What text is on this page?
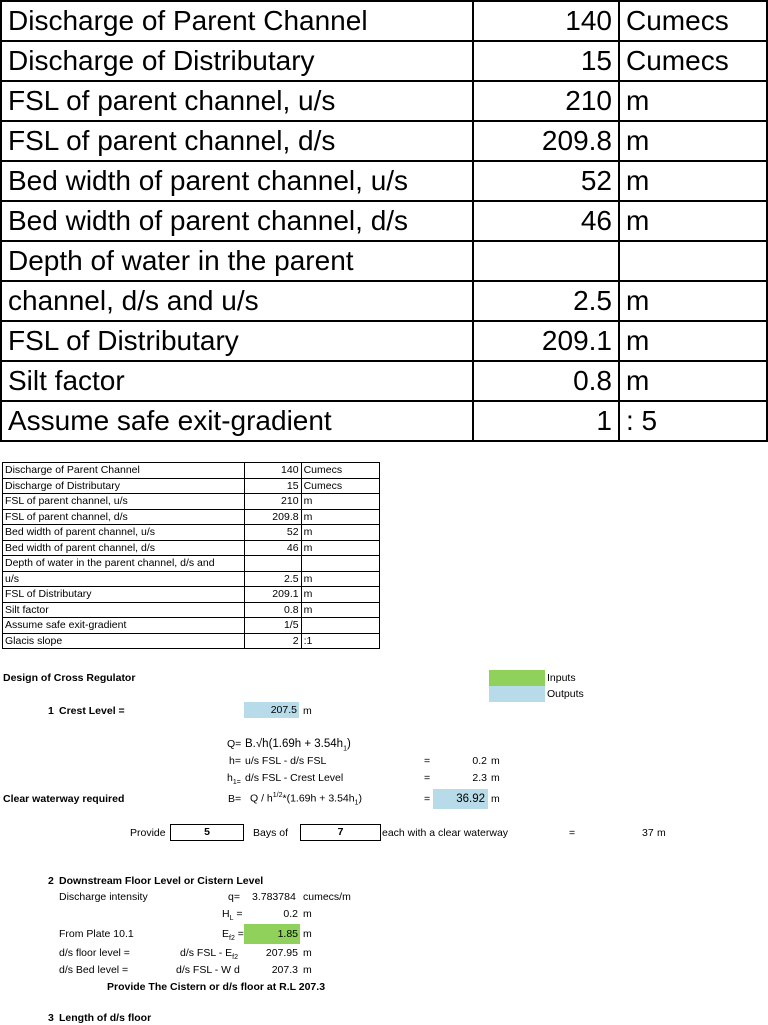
Discharge of Parent Channel	140	Cumecs
Discharge of Distributary	15	Cumecs
FSL of parent channel, u/s	210	m
FSL of parent channel, d/s	209.8	m
Bed width of parent channel, u/s	52	m
Bed width of parent channel, d/s	46	m
Depth of water in the parent		
channel, d/s and u/s	2.5	m
FSL of Distributary	209.1	m
Silt factor	0.8	m
Assume safe exit-gradient	1	: 5
Discharge of Parent Channel	140	Cumecs
Discharge of Distributary	15	Cumecs
FSL of parent channel, u/s	210	m
FSL of parent channel, d/s	209.8	m
Bed width of parent channel, u/s	52	m
Bed width of parent channel, d/s	46	m
Depth of water in the parent channel, d/s and		
u/s	2.5	m
FSL of Distributary	209.1	m
Silt factor	0.8	m
Assume safe exit-gradient	1/5	
Glacis slope	2	:1
Inputs
Outputs
Design of Cross Regulator
1 Crest Level =	207.5 m
$Q= B.√h(1.69h + 3.54h_1)$
h= u/s FSL - d/s FSL	=	0.2 m
$h_{1=}$ d/s FSL - Crest Level	=	2.3 m
Clear waterway required	$B= Q / h^{1/2}*(1.69h + 3.54h_1)$	=	36.92 m
Provide	5	Bays of	7	each with a clear waterway	=	37 m
2 Downstream Floor Level or Cistern Level
Discharge intensity	q= 3.783784 cumecs/m
$H_L$ =	0.2 m
From Plate 10.1	$E_{f2}$ =	1.85 m
d/s floor level =	d/s FSL - $E_{f2}$	207.95 m
d/s Bed level =	d/s FSL - W d	207.3 m
Provide The Cistern or d/s floor at R.L 207.3
3 Length of d/s floor
